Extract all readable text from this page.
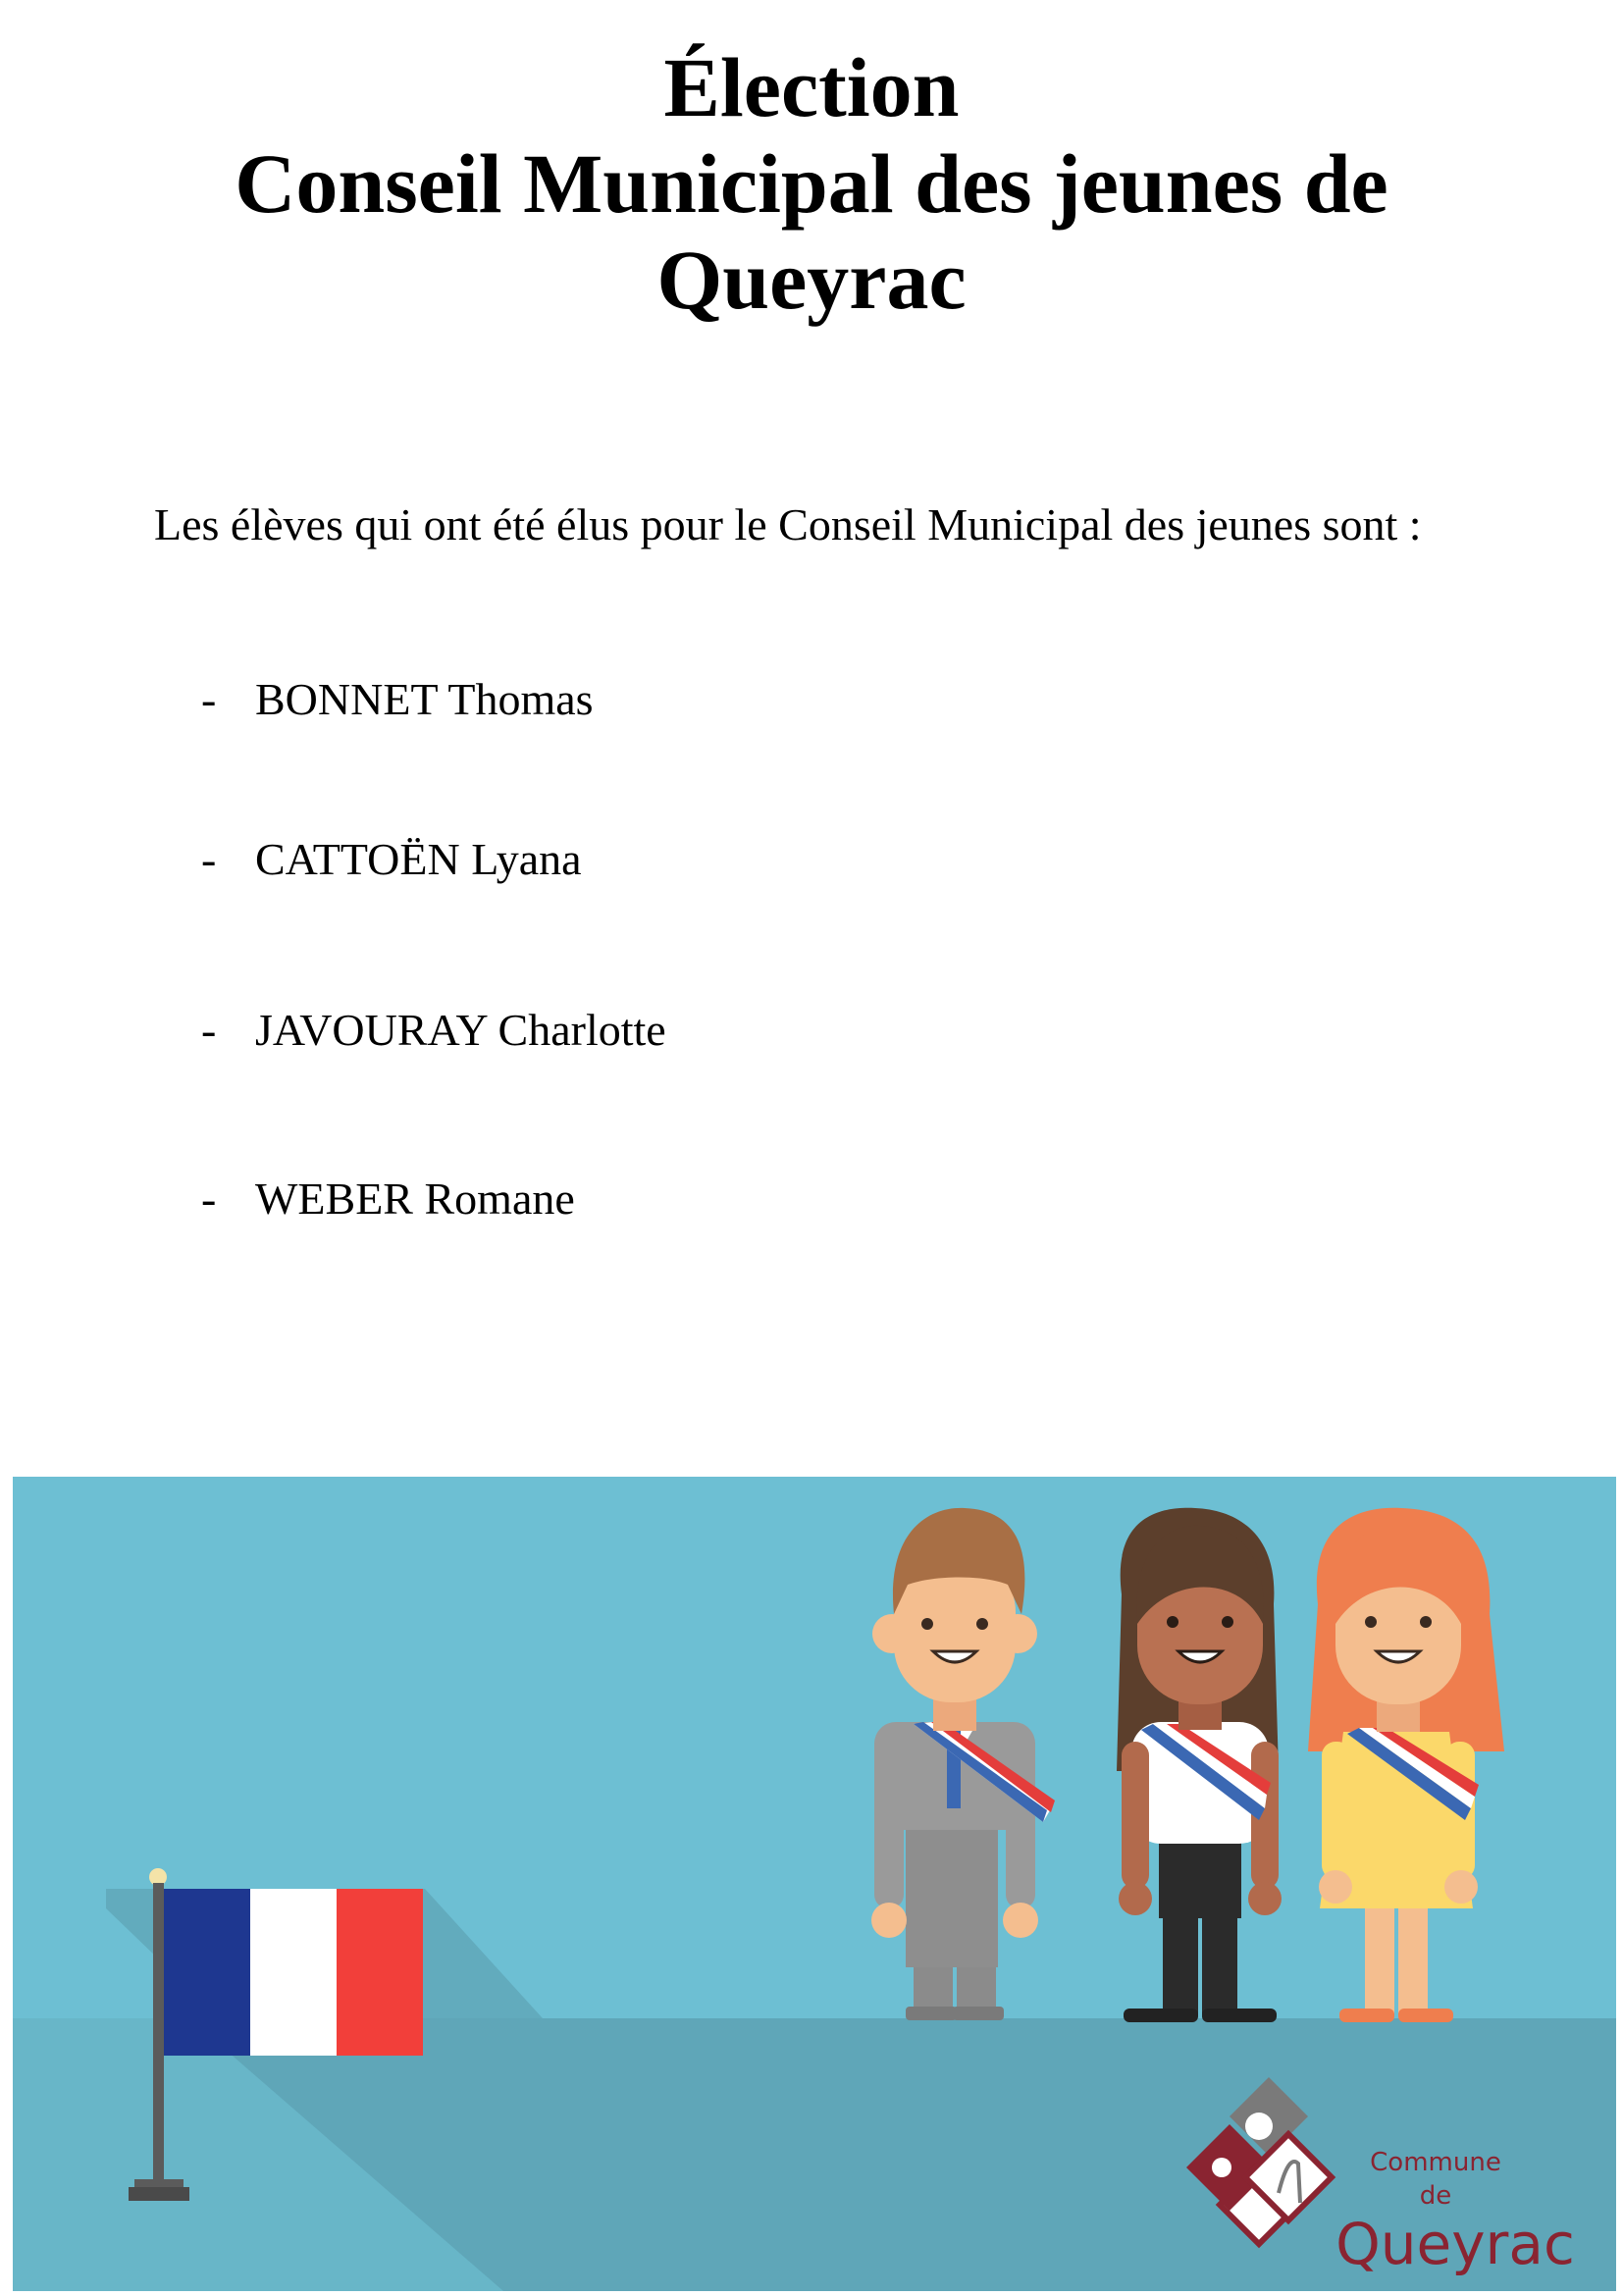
Élection
Conseil Municipal des jeunes de
Queyrac

Les élèves qui ont été élus pour le Conseil Municipal des jeunes sont :

- BONNET Thomas
- CATTOËN Lyana
- JAVOURAY Charlotte
- WEBER Romane
Commune
de
Queyrac
